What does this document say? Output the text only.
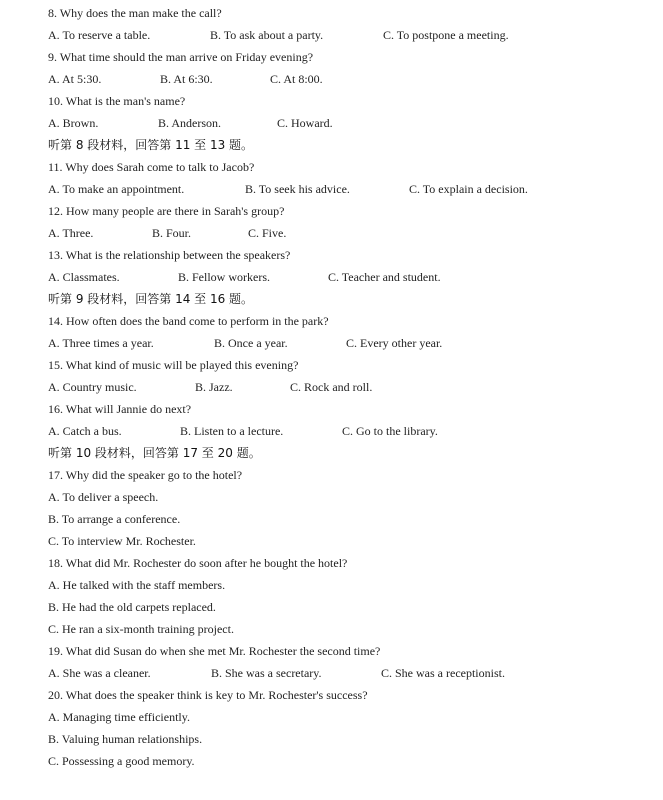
8. Why does the man make the call?
A. To reserve a table.	B. To ask about a party.	C. To postpone a meeting.
9. What time should the man arrive on Friday evening?
A. At 5:30.	B. At 6:30.	C. At 8:00.
10. What is the man's name?
A. Brown.	B. Anderson.	C. Howard.
听第 8 段材料，回答第 11 至 13 题。
11. Why does Sarah come to talk to Jacob?
A. To make an appointment.	B. To seek his advice.	C. To explain a decision.
12. How many people are there in Sarah's group?
A. Three.	B. Four.	C. Five.
13. What is the relationship between the speakers?
A. Classmates.	B. Fellow workers.	C. Teacher and student.
听第 9 段材料，回答第 14 至 16 题。
14. How often does the band come to perform in the park?
A. Three times a year.	B. Once a year.	C. Every other year.
15. What kind of music will be played this evening?
A. Country music.	B. Jazz.	C. Rock and roll.
16. What will Jannie do next?
A. Catch a bus.	B. Listen to a lecture.	C. Go to the library.
听第 10 段材料，回答第 17 至 20 题。
17. Why did the speaker go to the hotel?
A. To deliver a speech.
B. To arrange a conference.
C. To interview Mr. Rochester.
18. What did Mr. Rochester do soon after he bought the hotel?
A. He talked with the staff members.
B. He had the old carpets replaced.
C. He ran a six-month training project.
19. What did Susan do when she met Mr. Rochester the second time?
A. She was a cleaner.	B. She was a secretary.	C. She was a receptionist.
20. What does the speaker think is key to Mr. Rochester's success?
A. Managing time efficiently.
B. Valuing human relationships.
C. Possessing a good memory.
